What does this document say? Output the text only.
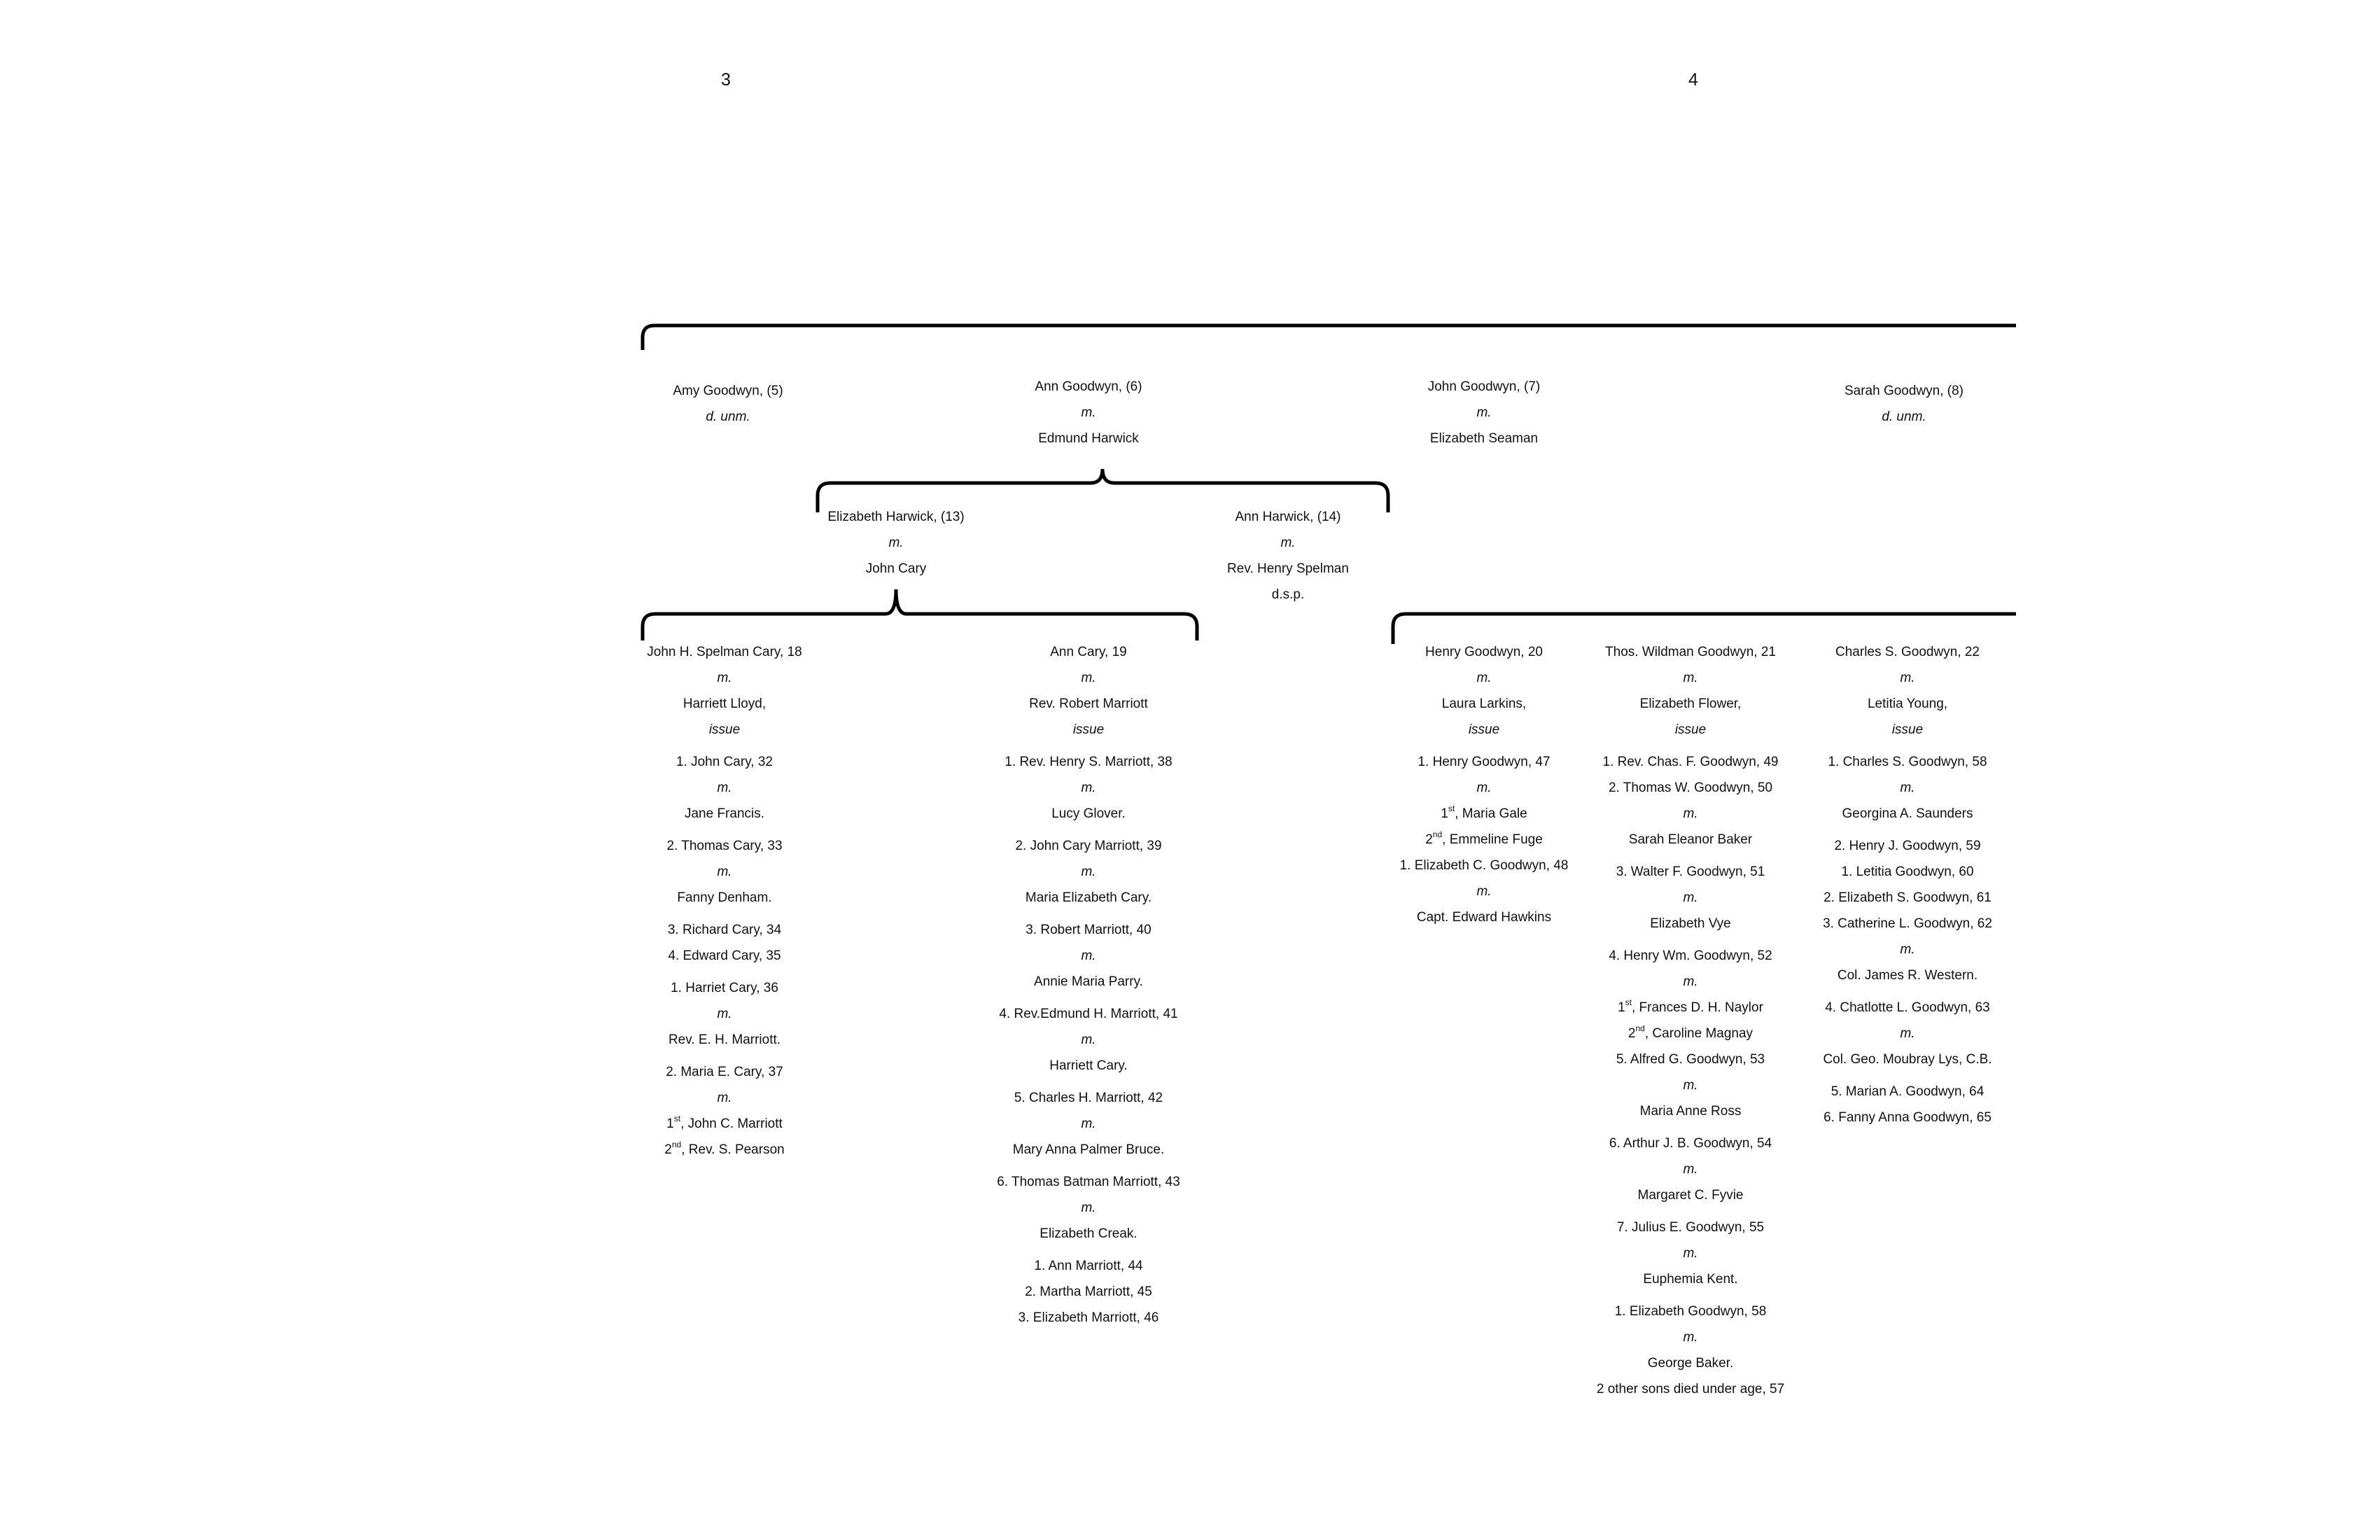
3	4
Amy Goodwyn, (5)
d. unm.
Ann Goodwyn, (6)
m.
Edmund Harwick
John Goodwyn, (7)
m.
Elizabeth Seaman
Sarah Goodwyn, (8)
d. unm.
Elizabeth Harwick, (13)
m.
John Cary
Ann Harwick, (14)
m.
Rev. Henry Spelman
d.s.p.
John H. Spelman Cary, 18
m.
Harriett Lloyd,
issue
1. John Cary, 32
m.
Jane Francis.
2. Thomas Cary, 33
m.
Fanny Denham.
3. Richard Cary, 34
4. Edward Cary, 35
1. Harriet Cary, 36
m.
Rev. E. H. Marriott.
2. Maria E. Cary, 37
m.
1st, John C. Marriott
2nd, Rev. S. Pearson
Ann Cary, 19
m.
Rev. Robert Marriott
issue
1. Rev. Henry S. Marriott, 38
m.
Lucy Glover.
2. John Cary Marriott, 39
m.
Maria Elizabeth Cary.
3. Robert Marriott, 40
m.
Annie Maria Parry.
4. Rev.Edmund H. Marriott, 41
m.
Harriett Cary.
5. Charles H. Marriott, 42
m.
Mary Anna Palmer Bruce.
6. Thomas Batman Marriott, 43
m.
Elizabeth Creak.
1. Ann Marriott, 44
2. Martha Marriott, 45
3. Elizabeth Marriott, 46
Henry Goodwyn, 20
m.
Laura Larkins,
issue
1. Henry Goodwyn, 47
m.
1st, Maria Gale
2nd, Emmeline Fuge
1. Elizabeth C. Goodwyn, 48
m.
Capt. Edward Hawkins
Thos. Wildman Goodwyn, 21
m.
Elizabeth Flower,
issue
1. Rev. Chas. F. Goodwyn, 49
2. Thomas W. Goodwyn, 50
m.
Sarah Eleanor Baker
3. Walter F. Goodwyn, 51
m.
Elizabeth Vye
4. Henry Wm. Goodwyn, 52
m.
1st, Frances D. H. Naylor
2nd, Caroline Magnay
5. Alfred G. Goodwyn, 53
m.
Maria Anne Ross
6. Arthur J. B. Goodwyn, 54
m.
Margaret C. Fyvie
7. Julius E. Goodwyn, 55
m.
Euphemia Kent.
1. Elizabeth Goodwyn, 58
m.
George Baker.
2 other sons died under age, 57
Charles S. Goodwyn, 22
m.
Letitia Young,
issue
1. Charles S. Goodwyn, 58
m.
Georgina A. Saunders
2. Henry J. Goodwyn, 59
1. Letitia Goodwyn, 60
2. Elizabeth S. Goodwyn, 61
3. Catherine L. Goodwyn, 62
m.
Col. James R. Western.
4. Chatlotte L. Goodwyn, 63
m.
Col. Geo. Moubray Lys, C.B.
5. Marian A. Goodwyn, 64
6. Fanny Anna Goodwyn, 65
